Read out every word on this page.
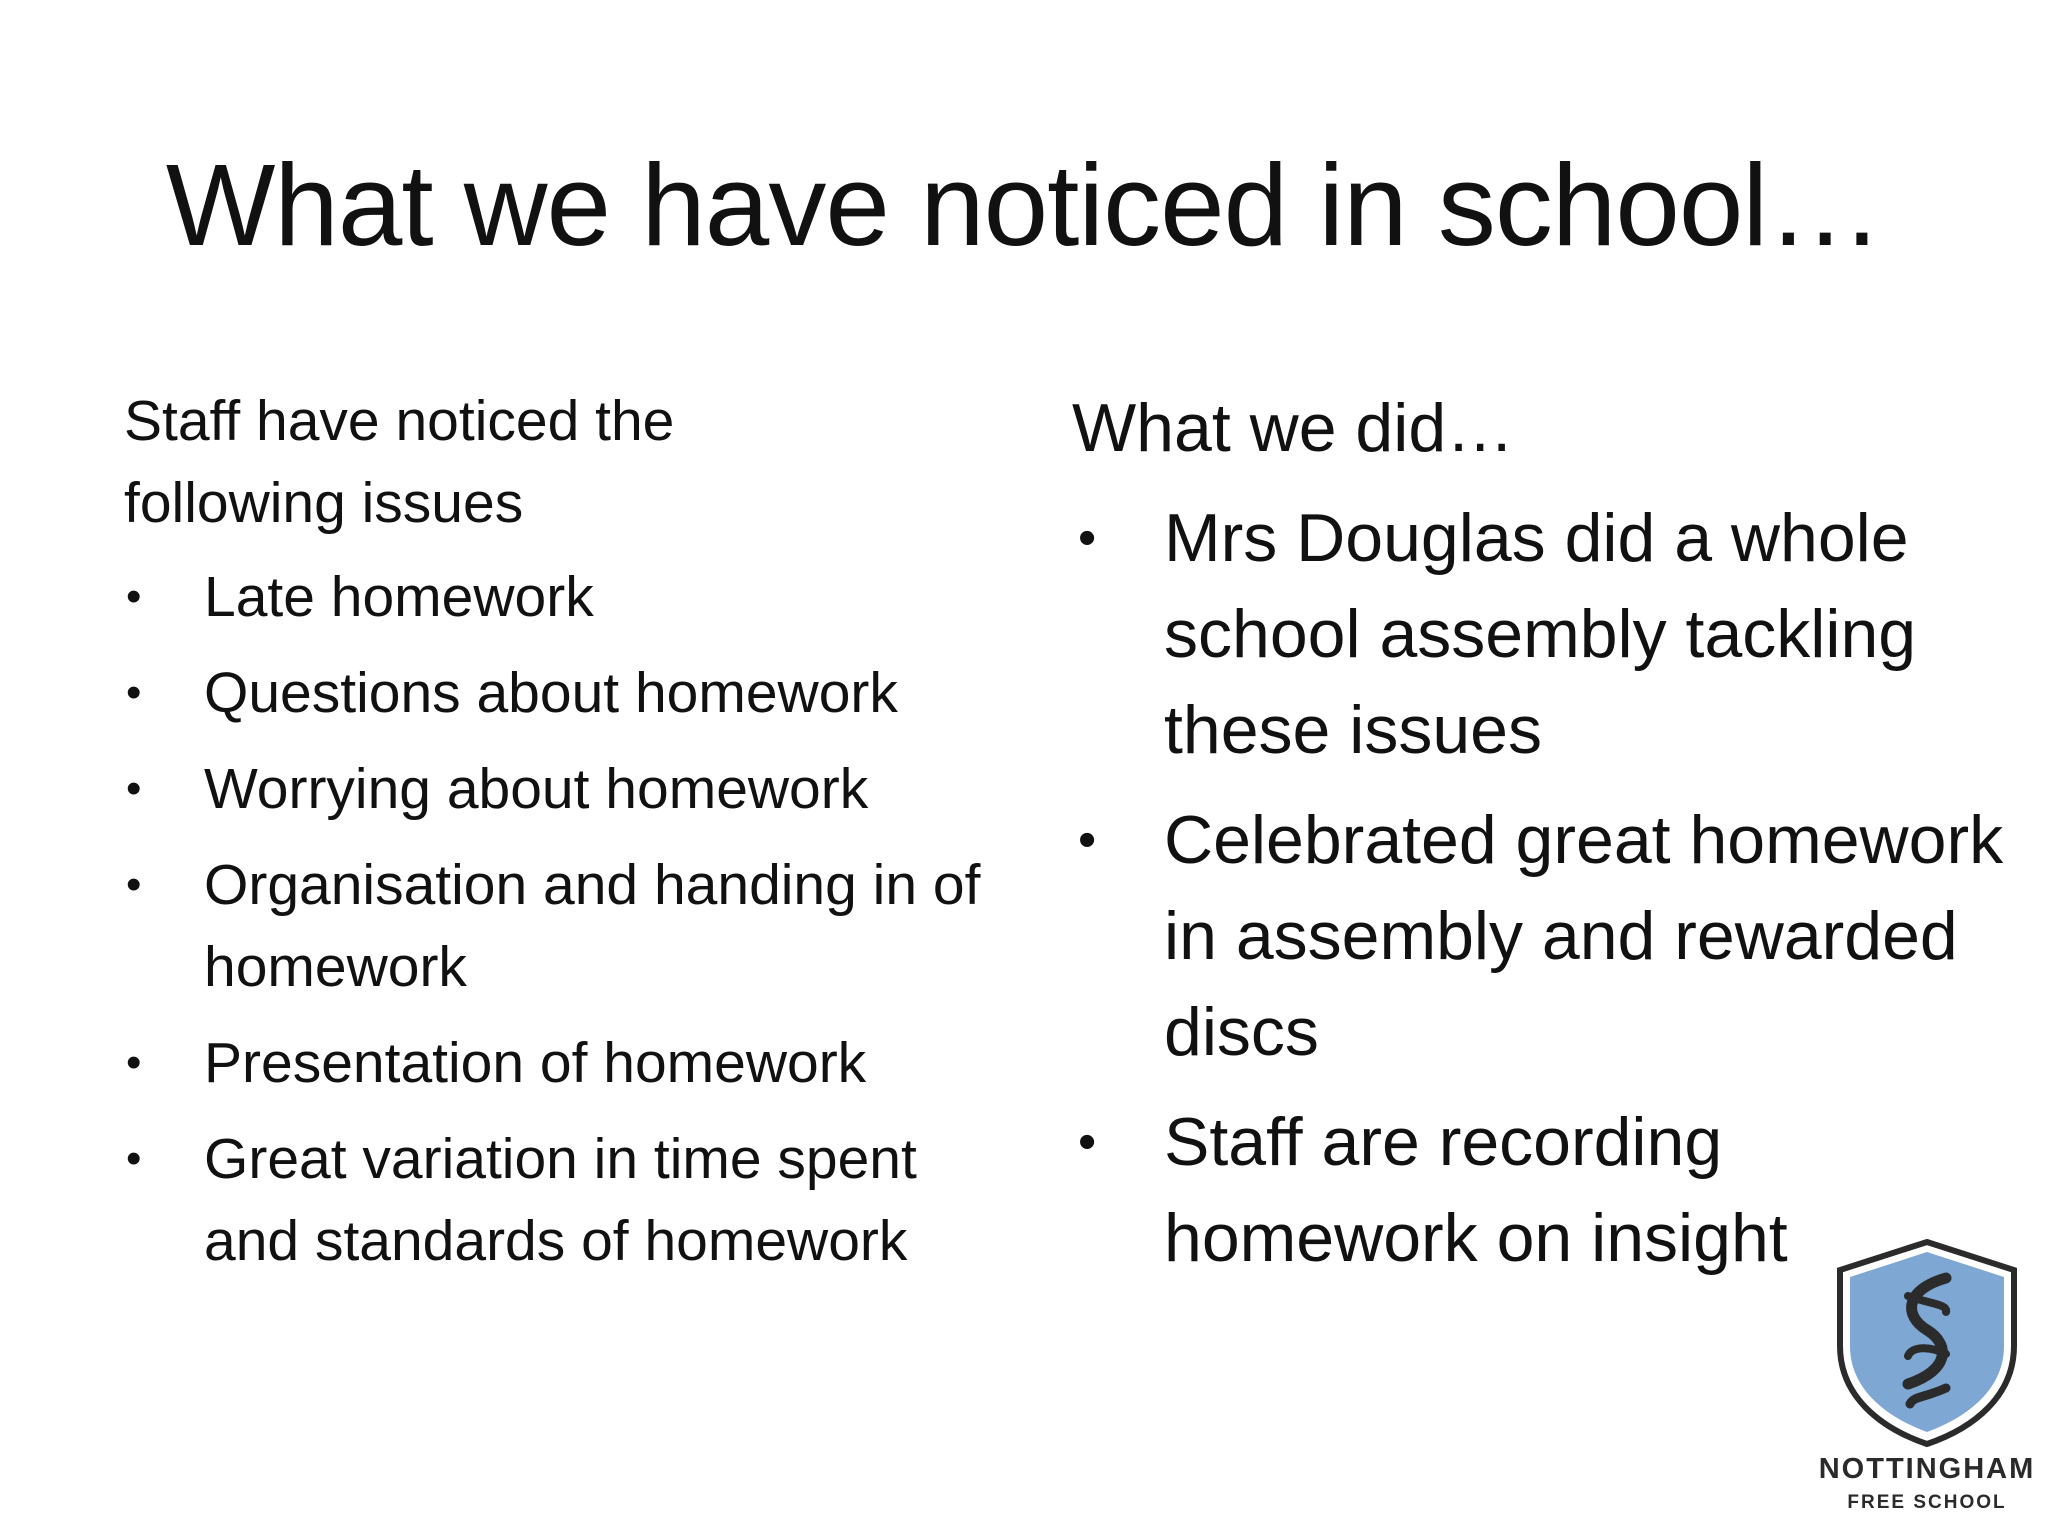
What we have noticed in school…
Staff have noticed the following issues
• Late homework
• Questions about homework
• Worrying about homework
• Organisation and handing in of homework
• Presentation of homework
• Great variation in time spent and standards of homework
What we did…
• Mrs Douglas did a whole school assembly tackling these issues
• Celebrated great homework in assembly and rewarded discs
• Staff are recording homework on insight
NOTTINGHAM
FREE SCHOOL
